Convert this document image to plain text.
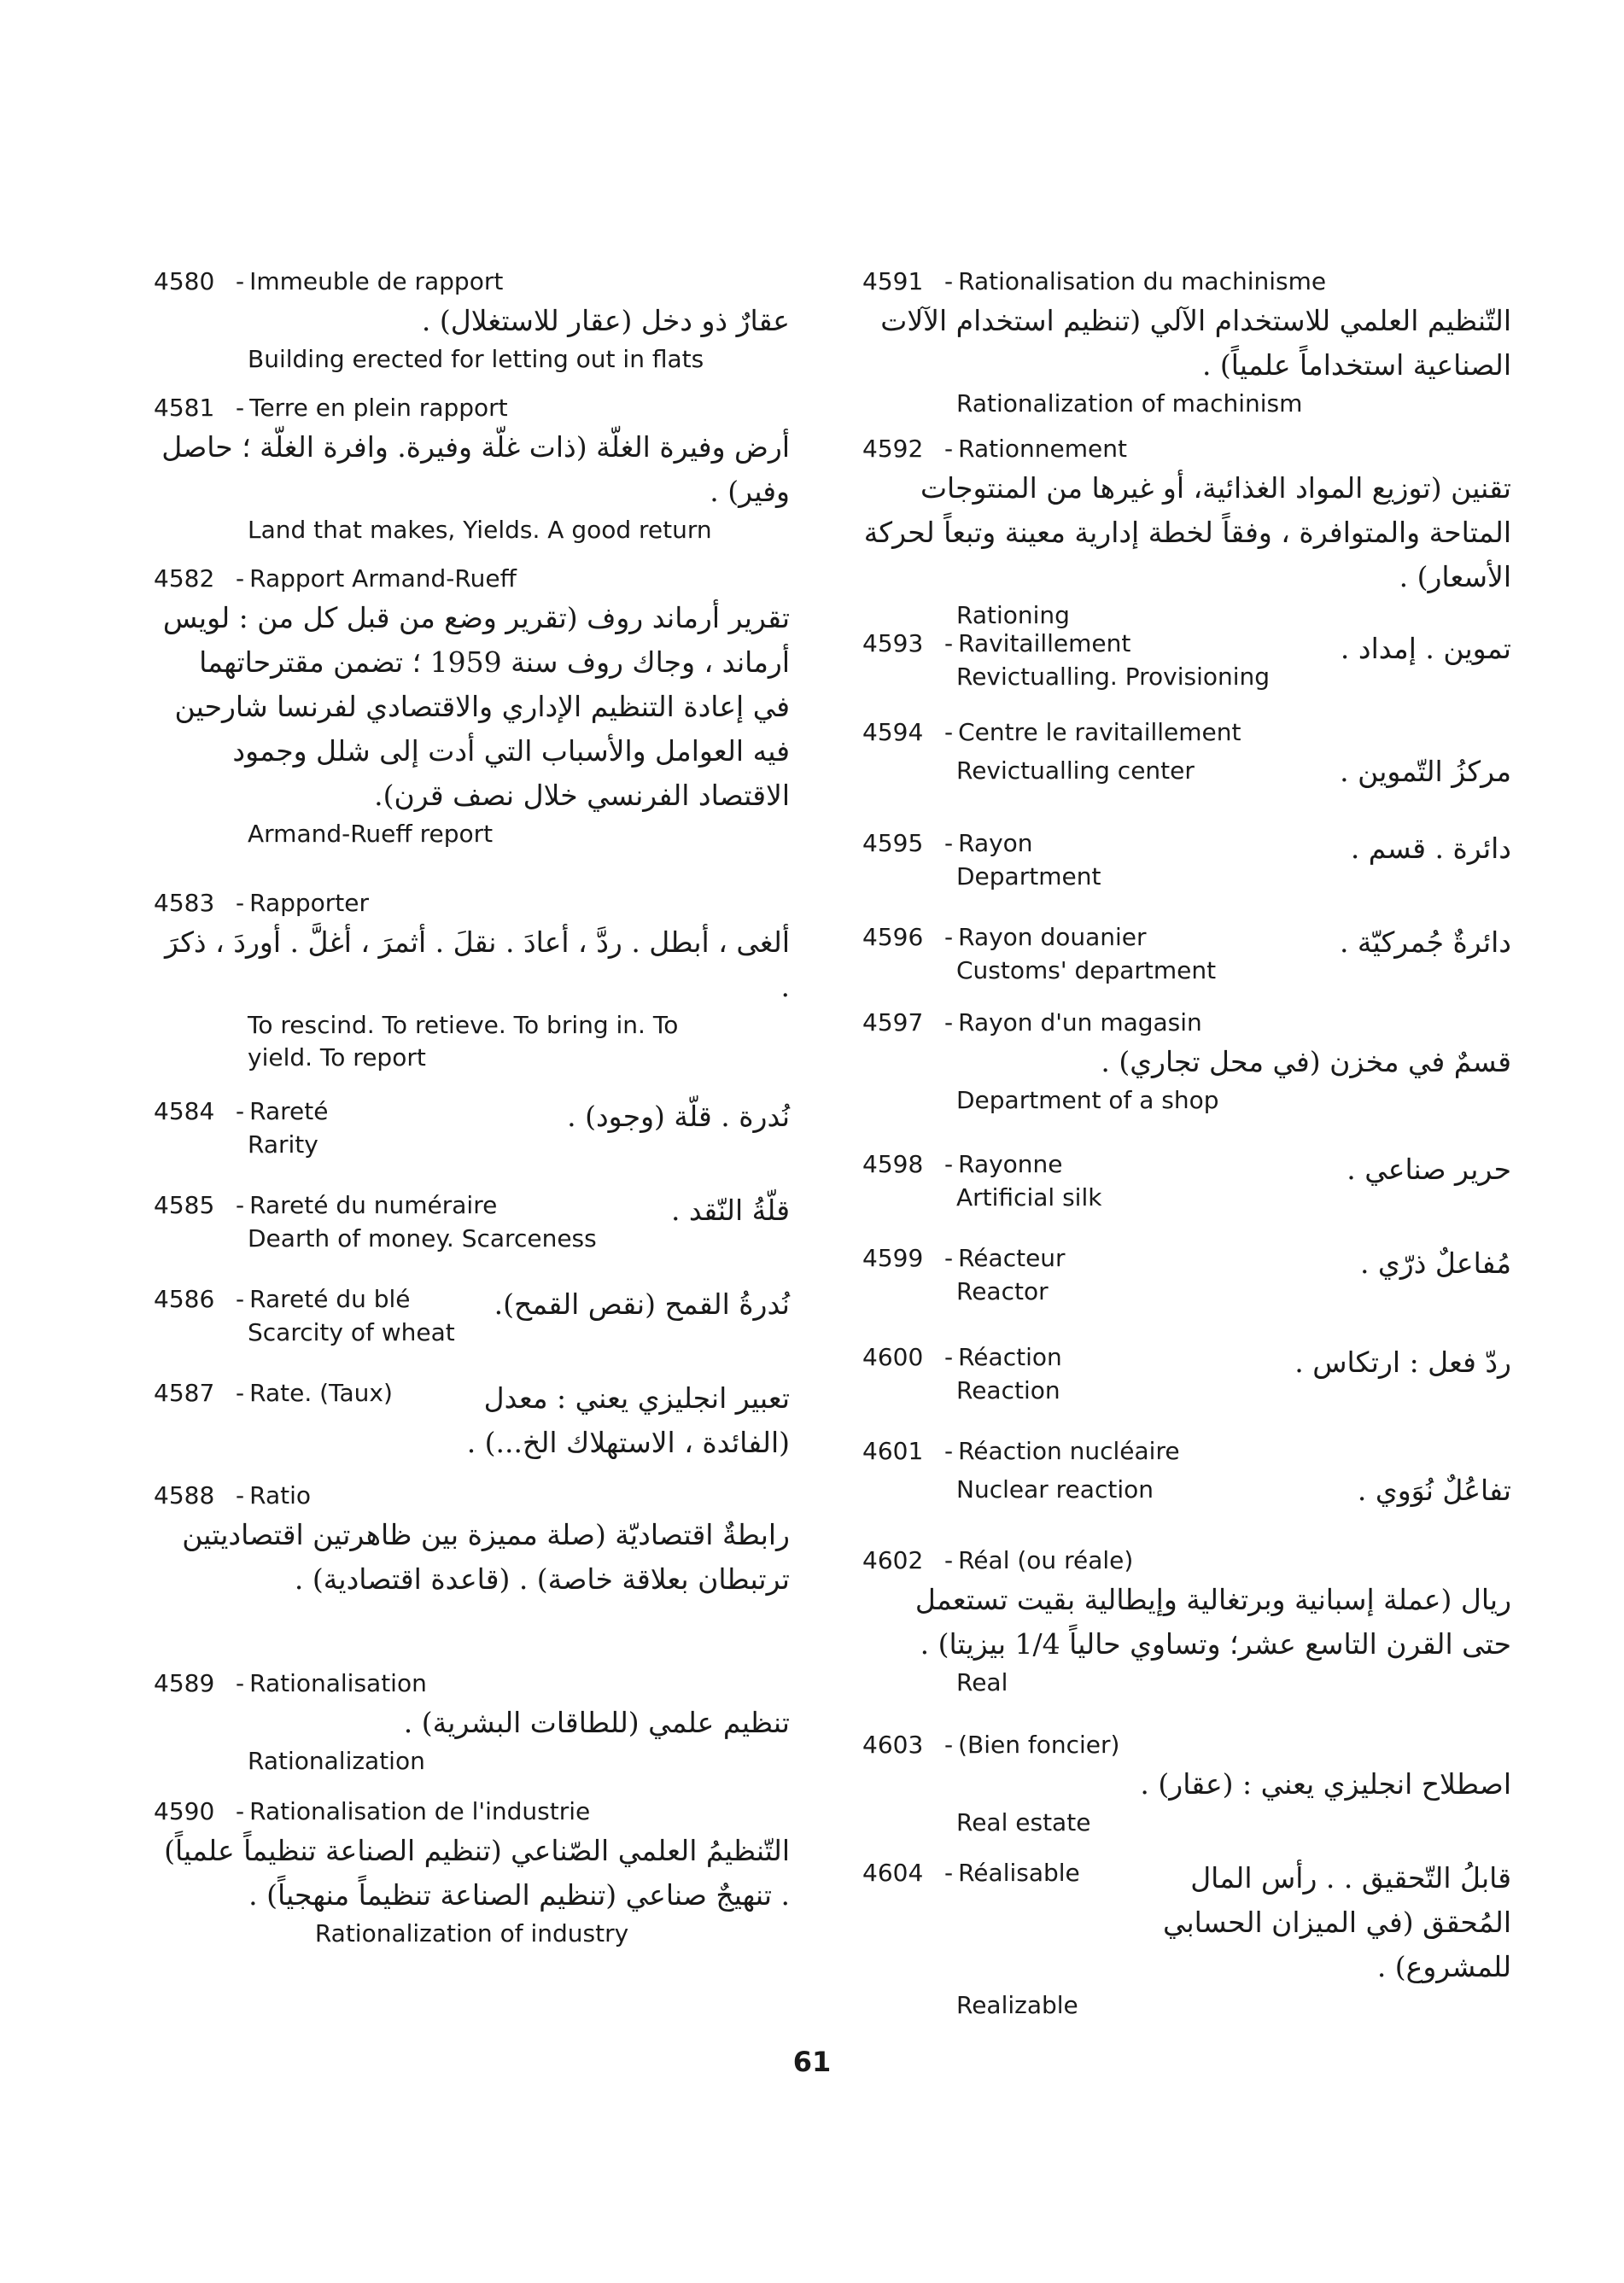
4580 - Immeuble de rapport
عقارٌ ذو دخل (عقار للاستغلال) .
Building erected for letting out in flats
4581 - Terre en plein rapport
أرض وفيرة الغلّة (ذات غلّة وفيرة. وافرة الغلّة ؛ حاصل وفير) .
Land that makes, Yields. A good return
4582 - Rapport Armand-Rueff
تقرير أرماند روف (تقرير وضع من قبل كل من : لويس أرماند ، وجاك روف سنة 1959 ؛ تضمن مقترحاتهما في إعادة التنظيم الإداري والاقتصادي لفرنسا شارحين فيه العوامل والأسباب التي أدت إلى شلل وجمود الاقتصاد الفرنسي خلال نصف قرن).
Armand-Rueff report
4583 - Rapporter
ألغى ، أبطل . ردَّ ، أعادَ . نقلَ . أثمرَ ، أغلَّ . أوردَ ، ذكرَ .
To rescind. To retieve. To bring in. To yield. To report
4584 - Rareté	نُدرة . قلّة (وجود) .
Rarity
4585 - Rareté du numéraire	قلّةُ النّقد .
Dearth of money. Scarceness
4586 - Rareté du blé	نُدرةُ القمح (نقص القمح).
Scarcity of wheat
4587 - Rate. (Taux)	تعبير انجليزي يعني : معدل (الفائدة ، الاستهلاك الخ...) .
4588 - Ratio
رابطةٌ اقتصاديّة (صلة مميزة بين ظاهرتين اقتصاديتين ترتبطان بعلاقة خاصة) . (قاعدة اقتصادية) .
4589 - Rationalisation
تنظيم علمي (للطاقات البشرية) .
Rationalization
4590 - Rationalisation de l'industrie
التّنظيمُ العلمي الصّناعي (تنظيم الصناعة تنظيماً علمياً) . تنهيجٌ صناعي (تنظيم الصناعة تنظيماً منهجياً) .
Rationalization of industry
4591 - Rationalisation du machinisme
التّنظيم العلمي للاستخدام الآلي (تنظيم استخدام الآلات الصناعية استخداماً علمياً) .
Rationalization of machinism
4592 - Rationnement
تقنين (توزيع المواد الغذائية، أو غيرها من المنتوجات المتاحة والمتوافرة ، وفقاً لخطة إدارية معينة وتبعاً لحركة الأسعار) .
Rationing
4593 - Ravitaillement	تموين . إمداد .
Revictualling. Provisioning
4594 - Centre le ravitaillement
مركزُ التّموين .
Revictualling center
4595 - Rayon	دائرة . قسم .
Department
4596 - Rayon douanier	دائرةٌ جُمركيّة .
Customs' department
4597 - Rayon d'un magasin
قسمٌ في مخزن (في محل تجاري) .
Department of a shop
4598 - Rayonne	حرير صناعي .
Artificial silk
4599 - Réacteur	مُفاعلٌ ذرّي .
Reactor
4600 - Réaction	ردّ فعل : ارتكاس .
Reaction
4601 - Réaction nucléaire
تفاعُلٌ نُوَوي .
Nuclear reaction
4602 - Réal (ou réale)
ريال (عملة إسبانية وبرتغالية وإيطالية بقيت تستعمل حتى القرن التاسع عشر؛ وتساوي حالياً 1/4 بيزيتا) .
Real
4603 - (Bien foncier)
اصطلاح انجليزي يعني : (عقار) .
Real estate
4604 - Réalisable	قابلُ التّحقيق . . رأس المال المُحقق (في الميزان الحسابي للمشروع) .
Realizable
61
